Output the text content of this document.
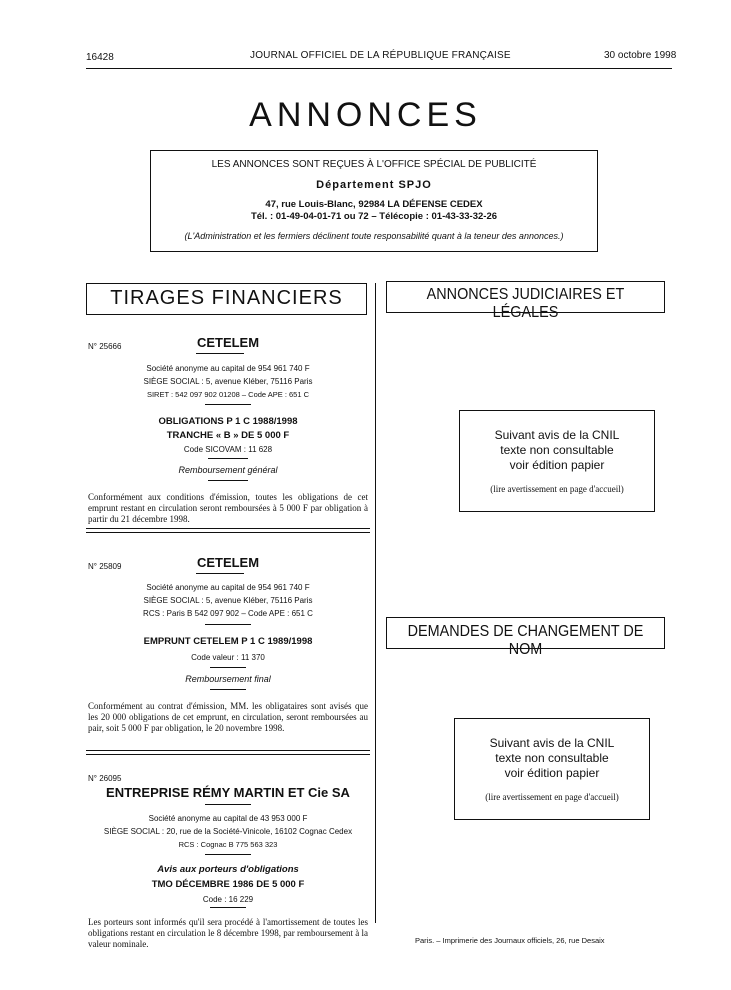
16428	JOURNAL OFFICIEL DE LA RÉPUBLIQUE FRANÇAISE	30 octobre 1998
ANNONCES
LES ANNONCES SONT REÇUES À L'OFFICE SPÉCIAL DE PUBLICITÉ
Département SPJO
47, rue Louis-Blanc, 92984 LA DÉFENSE CEDEX
Tél. : 01-49-04-01-71 ou 72 – Télécopie : 01-43-33-32-26
(L'Administration et les fermiers déclinent toute responsabilité quant à la teneur des annonces.)
TIRAGES FINANCIERS	ANNONCES JUDICIAIRES ET LÉGALES
DEMANDES DE CHANGEMENT DE NOM
N° 25666	CETELEM
Société anonyme au capital de 954 961 740 F
SIÈGE SOCIAL : 5, avenue Kléber, 75116 Paris
SIRET : 542 097 902 01208 – Code APE : 651 C
OBLIGATIONS P 1 C 1988/1998
TRANCHE « B » DE 5 000 F
Code SICOVAM : 11 628
Remboursement général
Conformément aux conditions d'émission, toutes les obligations de cet emprunt restant en circulation seront remboursées à 5 000 F par obligation à partir du 21 décembre 1998.
N° 25809	CETELEM
Société anonyme au capital de 954 961 740 F
SIÈGE SOCIAL : 5, avenue Kléber, 75116 Paris
RCS : Paris B 542 097 902 – Code APE : 651 C
EMPRUNT CETELEM P 1 C 1989/1998
Code valeur : 11 370
Remboursement final
Conformément au contrat d'émission, MM. les obligataires sont avisés que les 20 000 obligations de cet emprunt, en circulation, seront remboursées au pair, soit 5 000 F par obligation, le 20 novembre 1998.
N° 26095
ENTREPRISE RÉMY MARTIN ET Cie SA
Société anonyme au capital de 43 953 000 F
SIÈGE SOCIAL : 20, rue de la Société-Vinicole, 16102 Cognac Cedex
RCS : Cognac B 775 563 323
Avis aux porteurs d'obligations
TMO DÉCEMBRE 1986 DE 5 000 F
Code : 16 229
Les porteurs sont informés qu'il sera procédé à l'amortissement de toutes les obligations restant en circulation le 8 décembre 1998, par remboursement à la valeur nominale.
Suivant avis de la CNIL
texte non consultable
voir édition papier
(lire avertissement en page d'accueil)
Suivant avis de la CNIL
texte non consultable
voir édition papier
(lire avertissement en page d'accueil)
Paris. – Imprimerie des Journaux officiels, 26, rue Desaix
